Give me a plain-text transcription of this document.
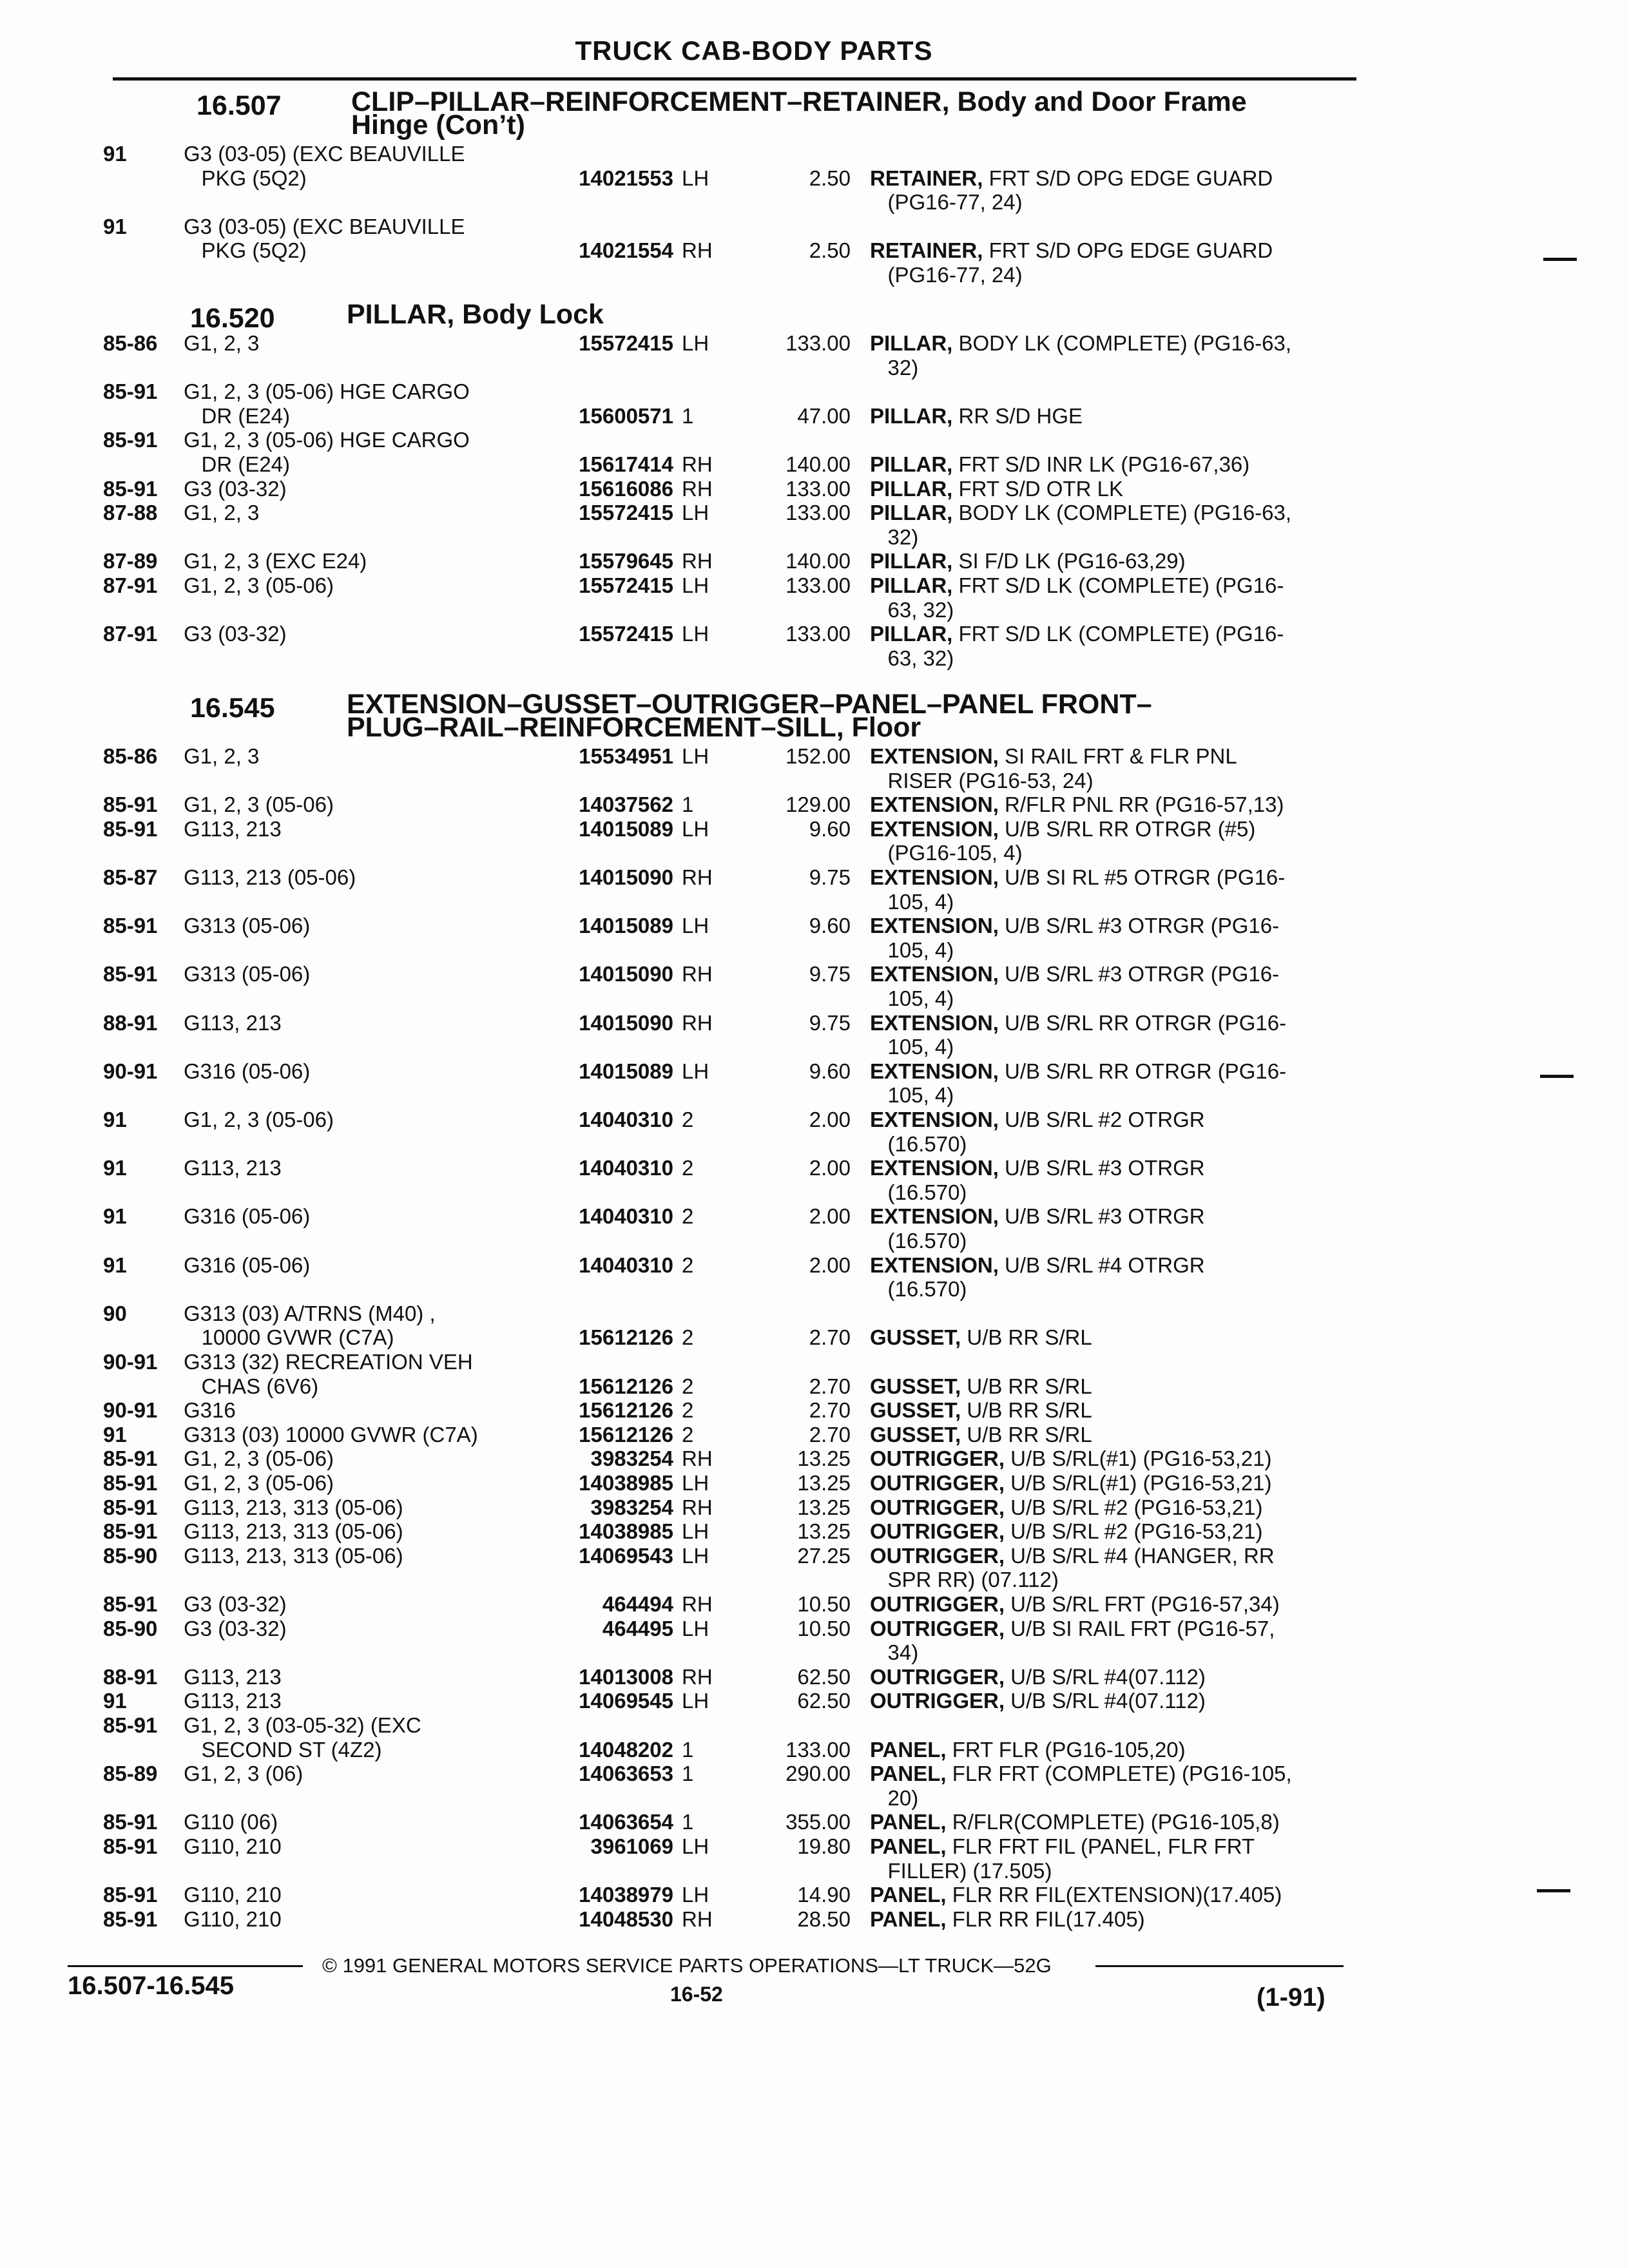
TRUCK CAB-BODY PARTS
16.507	CLIP–PILLAR–REINFORCEMENT–RETAINER, Body and Door Frame
Hinge (Con’t)
91	G3 (03-05) (EXC BEAUVILLE
PKG (5Q2)	14021553 LH	2.50 RETAINER, FRT S/D OPG EDGE GUARD
(PG16-77, 24)
91	G3 (03-05) (EXC BEAUVILLE
PKG (5Q2)	14021554 RH	2.50 RETAINER, FRT S/D OPG EDGE GUARD
(PG16-77, 24)
16.520	PILLAR, Body Lock
85-86 G1, 2, 3	15572415 LH	133.00 PILLAR, BODY LK (COMPLETE) (PG16-63,
32)
85-91 G1, 2, 3 (05-06) HGE CARGO
DR (E24)	15600571 1	47.00 PILLAR, RR S/D HGE
85-91 G1, 2, 3 (05-06) HGE CARGO
DR (E24)	15617414 RH	140.00 PILLAR, FRT S/D INR LK (PG16-67,36)
85-91 G3 (03-32)	15616086 RH	133.00 PILLAR, FRT S/D OTR LK
87-88 G1, 2, 3	15572415 LH	133.00 PILLAR, BODY LK (COMPLETE) (PG16-63,
32)
87-89 G1, 2, 3 (EXC E24)	15579645 RH	140.00 PILLAR, SI F/D LK (PG16-63,29)
87-91 G1, 2, 3 (05-06)	15572415 LH	133.00 PILLAR, FRT S/D LK (COMPLETE) (PG16-
63, 32)
87-91 G3 (03-32)	15572415 LH	133.00 PILLAR, FRT S/D LK (COMPLETE) (PG16-
63, 32)
16.545	EXTENSION–GUSSET–OUTRIGGER–PANEL–PANEL FRONT–
PLUG–RAIL–REINFORCEMENT–SILL, Floor
85-86 G1, 2, 3	15534951 LH	152.00 EXTENSION, SI RAIL FRT & FLR PNL
RISER (PG16-53, 24)
85-91 G1, 2, 3 (05-06)	14037562 1	129.00 EXTENSION, R/FLR PNL RR (PG16-57,13)
85-91 G113, 213	14015089 LH	9.60 EXTENSION, U/B S/RL RR OTRGR (#5)
(PG16-105, 4)
85-87 G113, 213 (05-06)	14015090 RH	9.75 EXTENSION, U/B SI RL #5 OTRGR (PG16-
105, 4)
85-91 G313 (05-06)	14015089 LH	9.60 EXTENSION, U/B S/RL #3 OTRGR (PG16-
105, 4)
85-91 G313 (05-06)	14015090 RH	9.75 EXTENSION, U/B S/RL #3 OTRGR (PG16-
105, 4)
88-91 G113, 213	14015090 RH	9.75 EXTENSION, U/B S/RL RR OTRGR (PG16-
105, 4)
90-91 G316 (05-06)	14015089 LH	9.60 EXTENSION, U/B S/RL RR OTRGR (PG16-
105, 4)
91	G1, 2, 3 (05-06)	14040310 2	2.00 EXTENSION, U/B S/RL #2 OTRGR
(16.570)
91	G113, 213	14040310 2	2.00 EXTENSION, U/B S/RL #3 OTRGR
(16.570)
91	G316 (05-06)	14040310 2	2.00 EXTENSION, U/B S/RL #3 OTRGR
(16.570)
91	G316 (05-06)	14040310 2	2.00 EXTENSION, U/B S/RL #4 OTRGR
(16.570)
90	G313 (03) A/TRNS (M40) ,
10000 GVWR (C7A)	15612126 2	2.70 GUSSET, U/B RR S/RL
90-91 G313 (32) RECREATION VEH
CHAS (6V6)	15612126 2	2.70 GUSSET, U/B RR S/RL
90-91 G316	15612126 2	2.70 GUSSET, U/B RR S/RL
91	G313 (03) 10000 GVWR (C7A)	15612126 2	2.70 GUSSET, U/B RR S/RL
85-91 G1, 2, 3 (05-06)	3983254 RH	13.25 OUTRIGGER, U/B S/RL(#1) (PG16-53,21)
85-91 G1, 2, 3 (05-06)	14038985 LH	13.25 OUTRIGGER, U/B S/RL(#1) (PG16-53,21)
85-91 G113, 213, 313 (05-06)	3983254 RH	13.25 OUTRIGGER, U/B S/RL #2 (PG16-53,21)
85-91 G113, 213, 313 (05-06)	14038985 LH	13.25 OUTRIGGER, U/B S/RL #2 (PG16-53,21)
85-90 G113, 213, 313 (05-06)	14069543 LH	27.25 OUTRIGGER, U/B S/RL #4 (HANGER, RR
SPR RR) (07.112)
85-91 G3 (03-32)	464494 RH	10.50 OUTRIGGER, U/B S/RL FRT (PG16-57,34)
85-90 G3 (03-32)	464495 LH	10.50 OUTRIGGER, U/B SI RAIL FRT (PG16-57,
34)
88-91 G113, 213	14013008 RH	62.50 OUTRIGGER, U/B S/RL #4(07.112)
91	G113, 213	14069545 LH	62.50 OUTRIGGER, U/B S/RL #4(07.112)
85-91 G1, 2, 3 (03-05-32) (EXC
SECOND ST (4Z2)	14048202 1	133.00 PANEL, FRT FLR (PG16-105,20)
85-89 G1, 2, 3 (06)	14063653 1	290.00 PANEL, FLR FRT (COMPLETE) (PG16-105,
20)
85-91 G110 (06)	14063654 1	355.00 PANEL, R/FLR(COMPLETE) (PG16-105,8)
85-91 G110, 210	3961069 LH	19.80 PANEL, FLR FRT FIL (PANEL, FLR FRT
FILLER) (17.505)
85-91 G110, 210	14038979 LH	14.90 PANEL, FLR RR FIL(EXTENSION)(17.405)
85-91 G110, 210	14048530 RH	28.50 PANEL, FLR RR FIL(17.405)
16.507-16.545
© 1991 GENERAL MOTORS SERVICE PARTS OPERATIONS—LT TRUCK—52G
16-52	(1-91)
